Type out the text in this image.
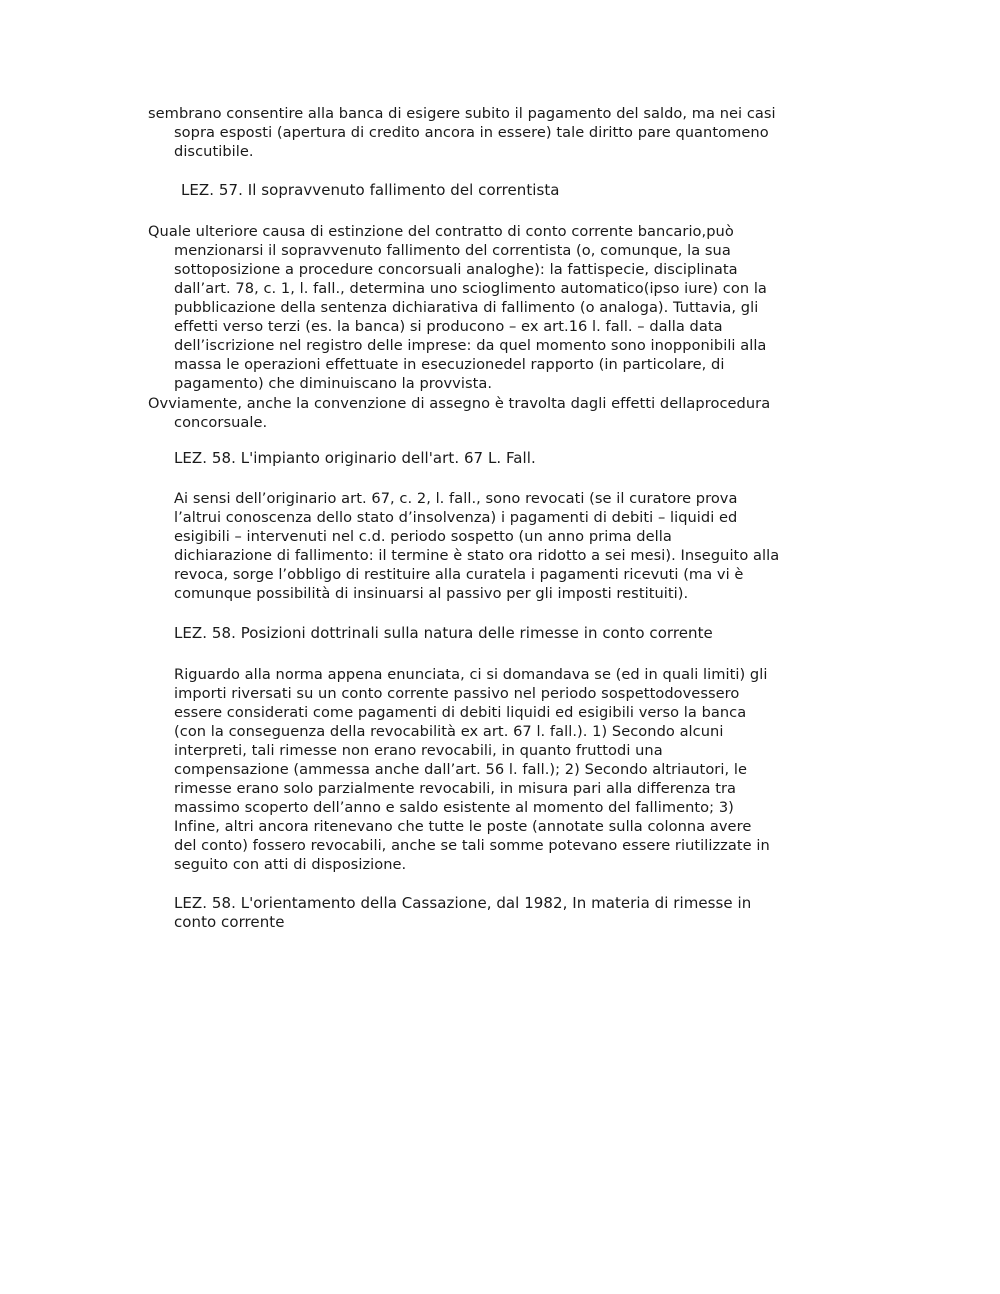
sembrano consentire alla banca di esigere subito il pagamento del saldo, ma nei casi
sopra esposti (apertura di credito ancora in essere) tale diritto pare quantomeno
discutibile.
LEZ. 57. Il sopravvenuto fallimento del correntista
Quale ulteriore causa di estinzione del contratto di conto corrente bancario,può
menzionarsi il sopravvenuto fallimento del correntista (o, comunque, la sua
sottoposizione a procedure concorsuali analoghe): la fattispecie, disciplinata
dall’art. 78, c. 1, l. fall., determina uno scioglimento automatico(ipso iure) con la
pubblicazione della sentenza dichiarativa di fallimento (o analoga). Tuttavia, gli
effetti verso terzi (es. la banca) si producono – ex art.16 l. fall. – dalla data
dell’iscrizione nel registro delle imprese: da quel momento sono inopponibili alla
massa le operazioni effettuate in esecuzionedel rapporto (in particolare, di
pagamento) che diminuiscano la provvista.
Ovviamente, anche la convenzione di assegno è travolta dagli effetti dellaprocedura
concorsuale.
LEZ. 58. L'impianto originario dell'art. 67 L. Fall.
Ai sensi dell’originario art. 67, c. 2, l. fall., sono revocati (se il curatore prova
l’altrui conoscenza dello stato d’insolvenza) i pagamenti di debiti – liquidi ed
esigibili – intervenuti nel c.d. periodo sospetto (un anno prima della
dichiarazione di fallimento: il termine è stato ora ridotto a sei mesi). Inseguito alla
revoca, sorge l’obbligo di restituire alla curatela i pagamenti ricevuti (ma vi è
comunque possibilità di insinuarsi al passivo per gli imposti restituiti).
LEZ. 58. Posizioni dottrinali sulla natura delle rimesse in conto corrente
Riguardo alla norma appena enunciata, ci si domandava se (ed in quali limiti) gli
importi riversati su un conto corrente passivo nel periodo sospettodovessero
essere considerati come pagamenti di debiti liquidi ed esigibili verso la banca
(con la conseguenza della revocabilità ex art. 67 l. fall.). 1) Secondo alcuni
interpreti, tali rimesse non erano revocabili, in quanto fruttodi una
compensazione (ammessa anche dall’art. 56 l. fall.); 2) Secondo altriautori, le
rimesse erano solo parzialmente revocabili, in misura pari alla differenza tra
massimo scoperto dell’anno e saldo esistente al momento del fallimento; 3)
Infine, altri ancora ritenevano che tutte le poste (annotate sulla colonna avere
del conto) fossero revocabili, anche se tali somme potevano essere riutilizzate in
seguito con atti di disposizione.
LEZ. 58. L'orientamento della Cassazione, dal 1982, In materia di rimesse in
conto corrente
